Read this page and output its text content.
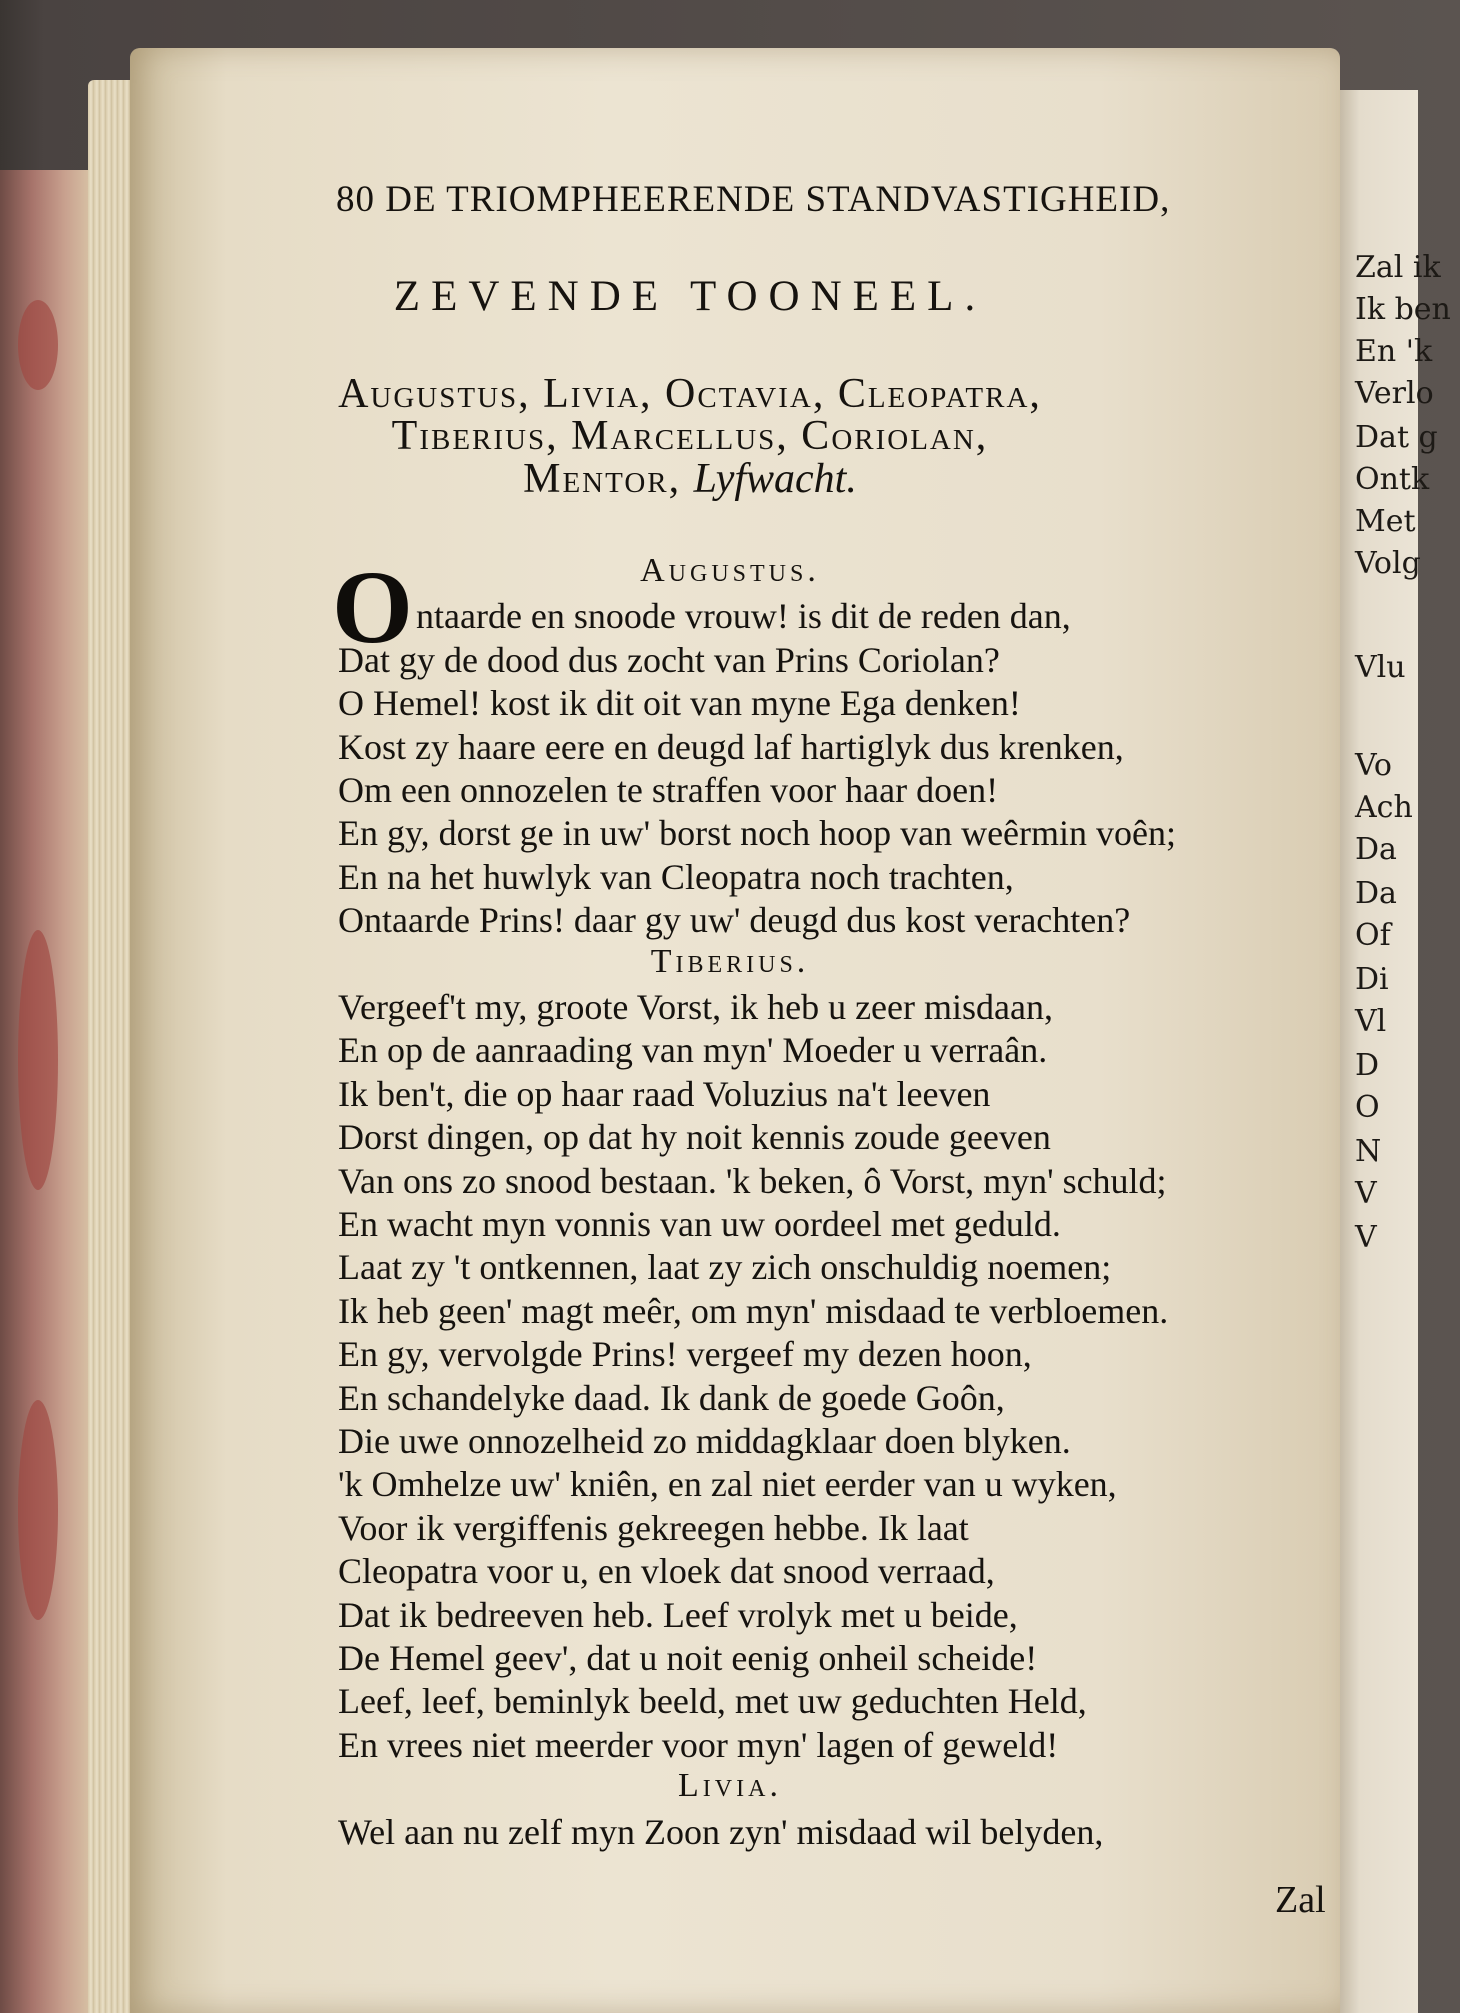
Zal ik
Ik ben
En 'k
Verlo
Dat g
Ontk
Met
Volg
Vlu
Vo
Ach
Da
Da
Of
Di
Vl
D
O
N
V
V
80 DE TRIOMPHEERENDE STANDVASTIGHEID,
ZEVENDE TOONEEL.
Augustus, Livia, Octavia, Cleopatra,
Tiberius, Marcellus, Coriolan,
Mentor, Lyfwacht.
O	Augustus.
ntaarde en snoode vrouw! is dit de reden dan,
Dat gy de dood dus zocht van Prins Coriolan?
O Hemel! kost ik dit oit van myne Ega denken!
Kost zy haare eere en deugd laf hartiglyk dus krenken,
Om een onnozelen te straffen voor haar doen!
En gy, dorst ge in uw' borst noch hoop van weêrmin voên;
En na het huwlyk van Cleopatra noch trachten,
Ontaarde Prins! daar gy uw' deugd dus kost verachten?
Tiberius.
Vergeef't my, groote Vorst, ik heb u zeer misdaan,
En op de aanraading van myn' Moeder u verraân.
Ik ben't, die op haar raad Voluzius na't leeven
Dorst dingen, op dat hy noit kennis zoude geeven
Van ons zo snood bestaan. 'k beken, ô Vorst, myn' schuld;
En wacht myn vonnis van uw oordeel met geduld.
Laat zy 't ontkennen, laat zy zich onschuldig noemen;
Ik heb geen' magt meêr, om myn' misdaad te verbloemen.
En gy, vervolgde Prins! vergeef my dezen hoon,
En schandelyke daad. Ik dank de goede Goôn,
Die uwe onnozelheid zo middagklaar doen blyken.
'k Omhelze uw' kniên, en zal niet eerder van u wyken,
Voor ik vergiffenis gekreegen hebbe. Ik laat
Cleopatra voor u, en vloek dat snood verraad,
Dat ik bedreeven heb. Leef vrolyk met u beide,
De Hemel geev', dat u noit eenig onheil scheide!
Leef, leef, beminlyk beeld, met uw geduchten Held,
En vrees niet meerder voor myn' lagen of geweld!
Livia.
Wel aan nu zelf myn Zoon zyn' misdaad wil belyden,
Zal
